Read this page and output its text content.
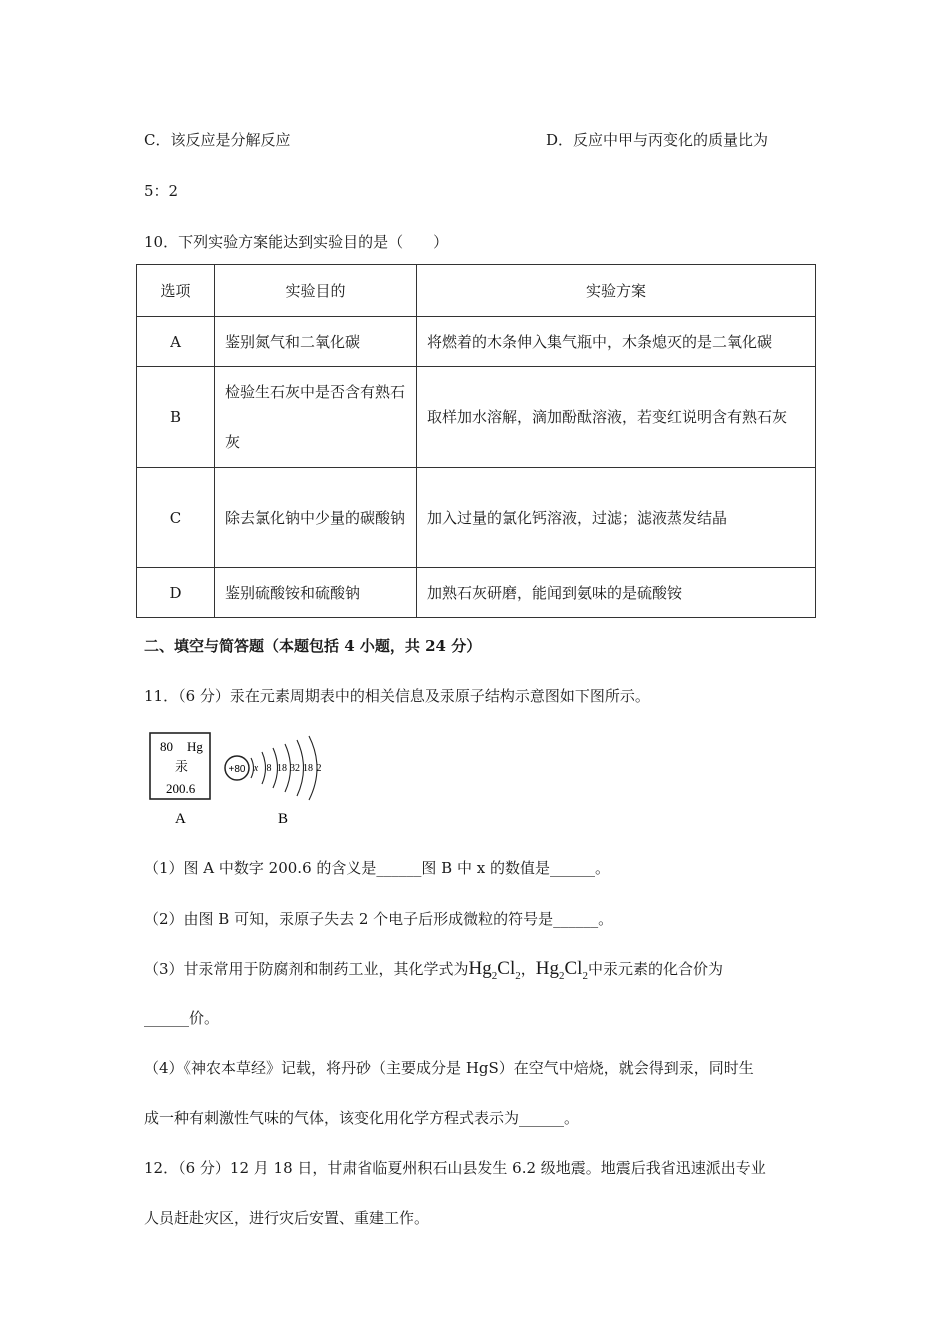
C．该反应是分解反应	D．反应中甲与丙变化的质量比为
5：2
10．下列实验方案能达到实验目的是（　　）
选项	实验目的	实验方案
A	鉴别氮气和二氧化碳	将燃着的木条伸入集气瓶中，木条熄灭的是二氧化碳
B	检验生石灰中是否含有熟石灰	取样加水溶解，滴加酚酞溶液，若变红说明含有熟石灰
C	除去氯化钠中少量的碳酸钠	加入过量的氯化钙溶液，过滤；滤液蒸发结晶
D	鉴别硫酸铵和硫酸钠	加熟石灰研磨，能闻到氨味的是硫酸铵
二、填空与简答题（本题包括 4 小题，共 24 分）
11．（6 分）汞在元素周期表中的相关信息及汞原子结构示意图如下图所示。
80 Hg
汞
200.6
A
+80 x 8 18 32 18 2
B
（1）图 A 中数字 200.6 的含义是______图 B 中 x 的数值是______。
（2）由图 B 可知，汞原子失去 2 个电子后形成微粒的符号是______。
（3）甘汞常用于防腐剂和制药工业，其化学式为$Hg_2Cl_2$，$Hg_2Cl_2$中汞元素的化合价为
______价。
（4）《神农本草经》记载，将丹砂（主要成分是 HgS）在空气中焙烧，就会得到汞，同时生
成一种有刺激性气味的气体，该变化用化学方程式表示为______。
12．（6 分）12 月 18 日，甘肃省临夏州积石山县发生 6.2 级地震。地震后我省迅速派出专业
人员赶赴灾区，进行灾后安置、重建工作。
